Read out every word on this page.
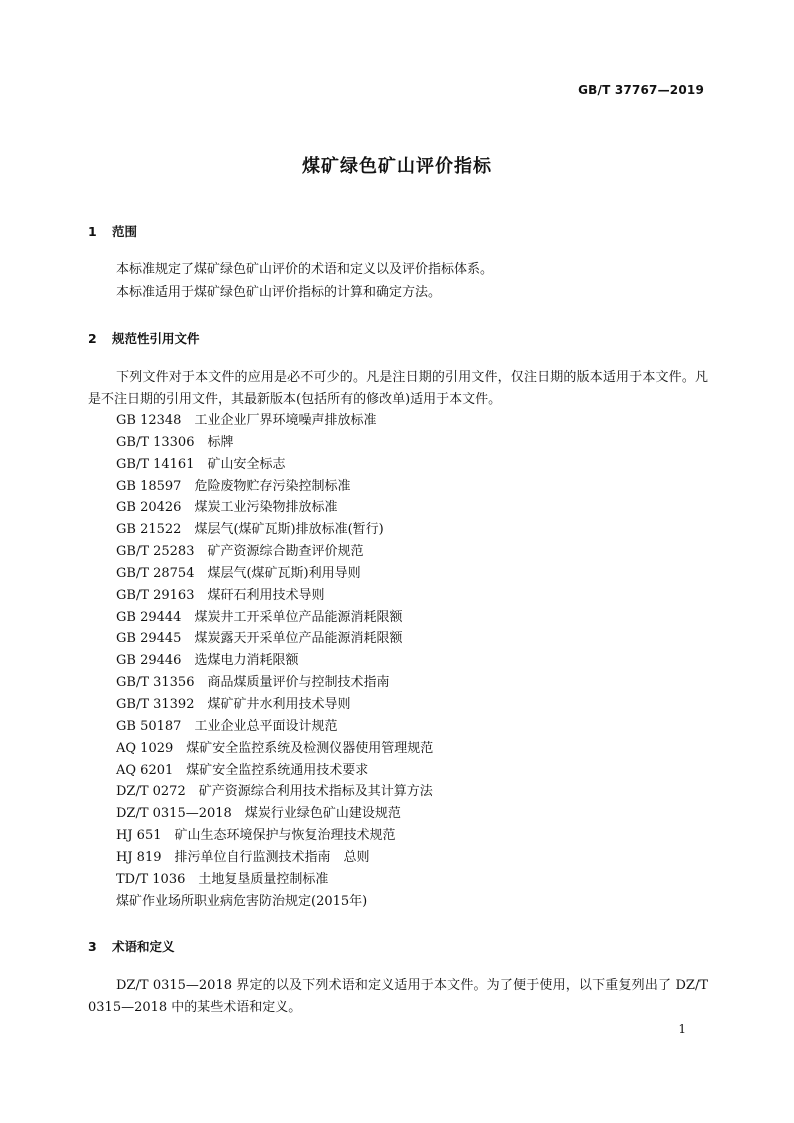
GB/T 37767—2019
煤矿绿色矿山评价指标
1 范围
本标准规定了煤矿绿色矿山评价的术语和定义以及评价指标体系。
本标准适用于煤矿绿色矿山评价指标的计算和确定方法。
2 规范性引用文件
下列文件对于本文件的应用是必不可少的。凡是注日期的引用文件，仅注日期的版本适用于本文件。凡是不注日期的引用文件，其最新版本(包括所有的修改单)适用于本文件。
GB 12348 工业企业厂界环境噪声排放标准
GB/T 13306 标牌
GB/T 14161 矿山安全标志
GB 18597 危险废物贮存污染控制标准
GB 20426 煤炭工业污染物排放标准
GB 21522 煤层气(煤矿瓦斯)排放标准(暂行)
GB/T 25283 矿产资源综合勘查评价规范
GB/T 28754 煤层气(煤矿瓦斯)利用导则
GB/T 29163 煤矸石利用技术导则
GB 29444 煤炭井工开采单位产品能源消耗限额
GB 29445 煤炭露天开采单位产品能源消耗限额
GB 29446 选煤电力消耗限额
GB/T 31356 商品煤质量评价与控制技术指南
GB/T 31392 煤矿矿井水利用技术导则
GB 50187 工业企业总平面设计规范
AQ 1029 煤矿安全监控系统及检测仪器使用管理规范
AQ 6201 煤矿安全监控系统通用技术要求
DZ/T 0272 矿产资源综合利用技术指标及其计算方法
DZ/T 0315—2018 煤炭行业绿色矿山建设规范
HJ 651 矿山生态环境保护与恢复治理技术规范
HJ 819 排污单位自行监测技术指南　总则
TD/T 1036 土地复垦质量控制标准
煤矿作业场所职业病危害防治规定(2015年)
3 术语和定义
DZ/T 0315—2018 界定的以及下列术语和定义适用于本文件。为了便于使用，以下重复列出了 DZ/T 0315—2018 中的某些术语和定义。
1
